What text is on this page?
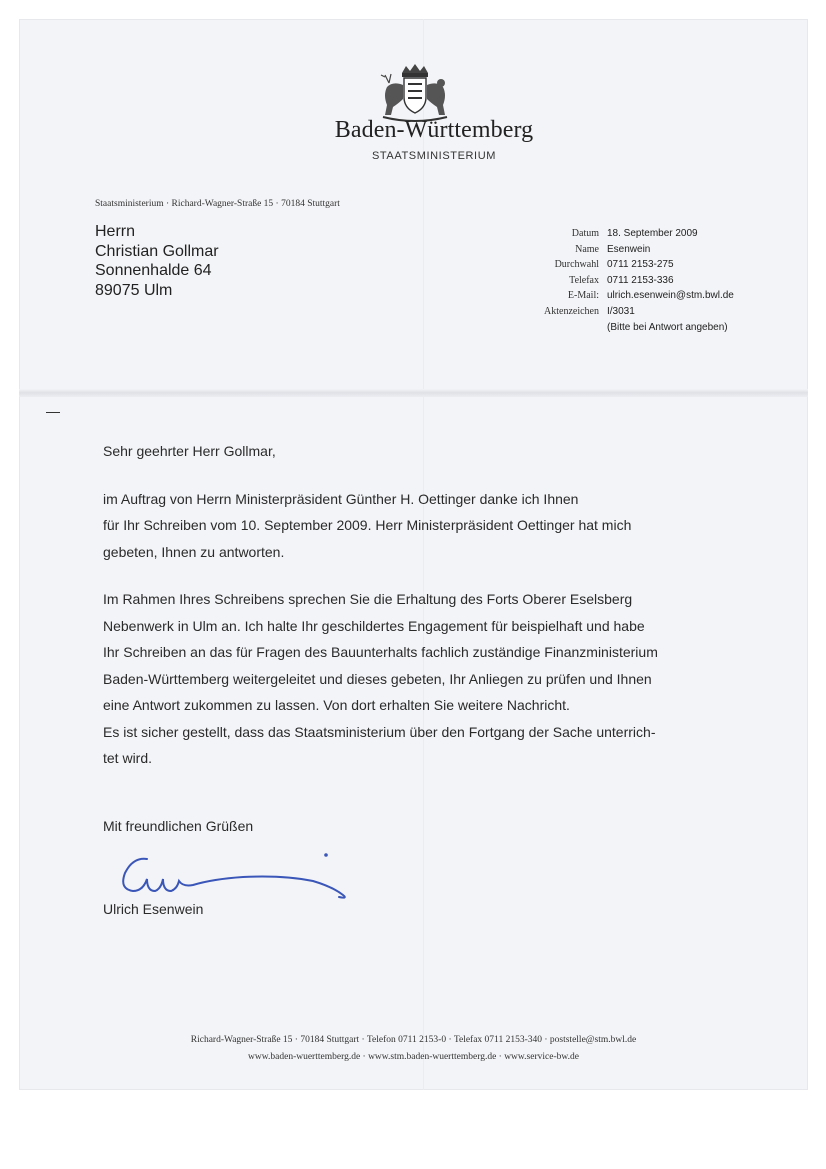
Baden-Württemberg
STAATSMINISTERIUM
Staatsministerium · Richard-Wagner-Straße 15 · 70184 Stuttgart
Herrn
Christian Gollmar
Sonnenhalde 64
89075 Ulm
Datum	18. September 2009
Name	Esenwein
Durchwahl	0711 2153-275
Telefax	0711 2153-336
E-Mail:	ulrich.esenwein@stm.bwl.de
Aktenzeichen	I/3031
	(Bitte bei Antwort angeben)

Sehr geehrter Herr Gollmar,

im Auftrag von Herrn Ministerpräsident Günther H. Oettinger danke ich Ihnen
für Ihr Schreiben vom 10. September 2009. Herr Ministerpräsident Oettinger hat mich
gebeten, Ihnen zu antworten.

Im Rahmen Ihres Schreibens sprechen Sie die Erhaltung des Forts Oberer Eselsberg
Nebenwerk in Ulm an. Ich halte Ihr geschildertes Engagement für beispielhaft und habe
Ihr Schreiben an das für Fragen des Bauunterhalts fachlich zuständige Finanzministerium
Baden-Württemberg weitergeleitet und dieses gebeten, Ihr Anliegen zu prüfen und Ihnen
eine Antwort zukommen zu lassen. Von dort erhalten Sie weitere Nachricht.
Es ist sicher gestellt, dass das Staatsministerium über den Fortgang der Sache unterrich-
tet wird.

Mit freundlichen Grüßen
Ulrich Esenwein
Richard-Wagner-Straße 15 · 70184 Stuttgart · Telefon 0711 2153-0 · Telefax 0711 2153-340 · poststelle@stm.bwl.de
www.baden-wuerttemberg.de · www.stm.baden-wuerttemberg.de · www.service-bw.de
